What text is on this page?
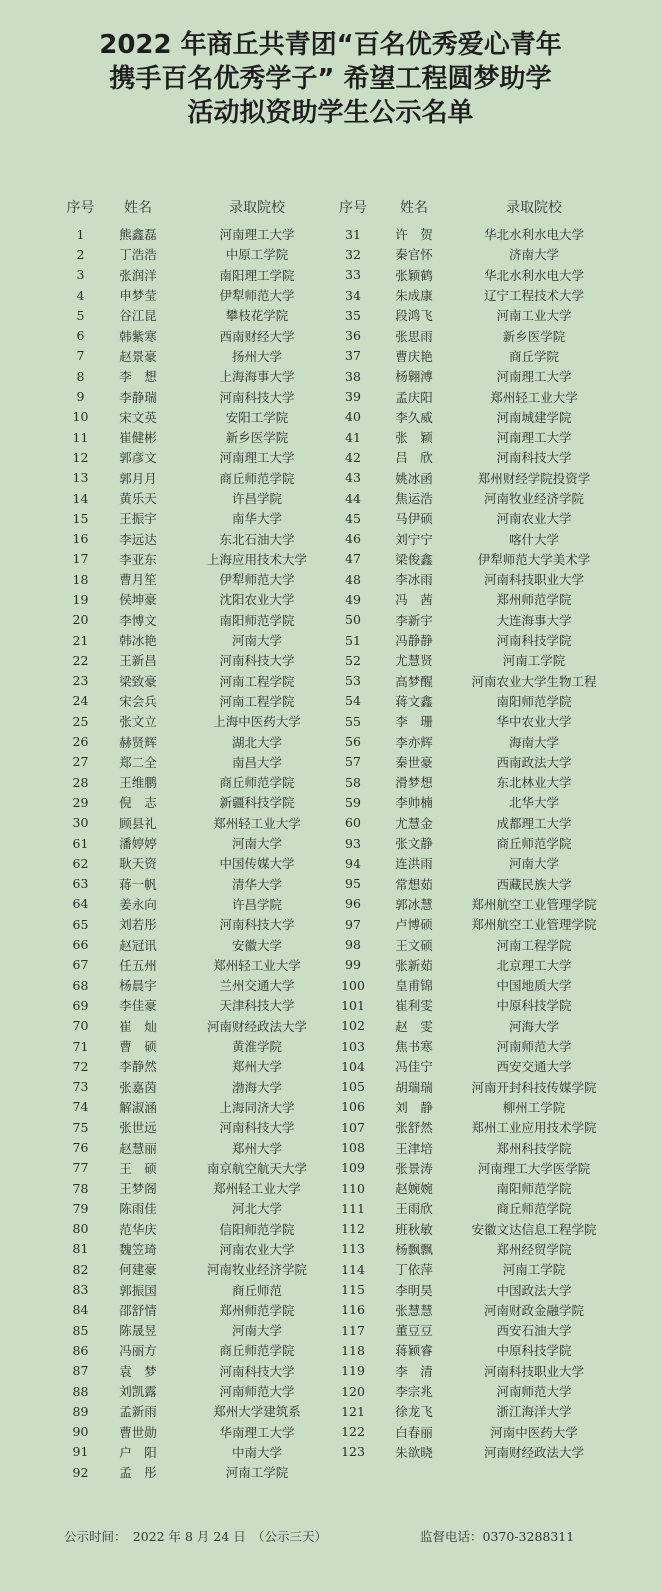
2022 年商丘共青团“百名优秀爱心青年
携手百名优秀学子” 希望工程圆梦助学
活动拟资助学生公示名单
序号	姓名	录取院校
1	熊鑫磊	河南理工大学
2	丁浩浩	中原工学院
3	张润洋	南阳理工学院
4	申梦莹	伊犁师范大学
5	谷江昆	攀枝花学院
6	韩紫寒	西南财经大学
7	赵景豪	扬州大学
8	李　想	上海海事大学
9	李静瑞	河南科技大学
10	宋文英	安阳工学院
11	崔健彬	新乡医学院
12	郭彦文	河南理工大学
13	郭月月	商丘师范学院
14	黄乐天	许昌学院
15	王振宇	南华大学
16	李远达	东北石油大学
17	李亚东	上海应用技术大学
18	曹月笙	伊犁师范大学
19	侯坤豪	沈阳农业大学
20	李博文	南阳师范学院
21	韩冰艳	河南大学
22	王新昌	河南科技大学
23	梁致豪	河南工程学院
24	宋会兵	河南工程学院
25	张文立	上海中医药大学
26	赫贤辉	湖北大学
27	郑二全	南昌大学
28	王维鹏	商丘师范学院
29	倪　志	新疆科技学院
30	顾县礼	郑州轻工业大学
61	潘婷婷	河南大学
62	耿天资	中国传媒大学
63	蒋一帆	清华大学
64	姜永向	许昌学院
65	刘若彤	河南科技大学
66	赵冠讯	安徽大学
67	任五州	郑州轻工业大学
68	杨晨宇	兰州交通大学
69	李佳豪	天津科技大学
70	崔　灿	河南财经政法大学
71	曹　硕	黄淮学院
72	李静然	郑州大学
73	张嘉茵	渤海大学
74	解淑涵	上海同济大学
75	张世远	河南科技大学
76	赵慧丽	郑州大学
77	王　硕	南京航空航天大学
78	王梦阁	郑州轻工业大学
79	陈雨佳	河北大学
80	范华庆	信阳师范学院
81	魏笠琦	河南农业大学
82	何建豪	河南牧业经济学院
83	郭振国	商丘师范
84	邵舒情	郑州师范学院
85	陈晟昱	河南大学
86	冯丽方	商丘师范学院
87	袁　梦	河南科技大学
88	刘凯露	河南师范大学
89	孟新雨	郑州大学建筑系
90	曹世勋	华南理工大学
91	户　阳	中南大学
92	孟　彤	河南工学院
序号	姓名	录取院校
31	许　贺	华北水利水电大学
32	秦官怀	济南大学
33	张颖鹤	华北水利水电大学
34	朱成康	辽宁工程技术大学
35	段鸿飞	河南工业大学
36	张思雨	新乡医学院
37	曹庆艳	商丘学院
38	杨翱溥	河南理工大学
39	孟庆阳	郑州轻工业大学
40	李久威	河南城建学院
41	张　颖	河南理工大学
42	吕　欣	河南科技大学
43	姚冰函	郑州财经学院投资学
44	焦运浩	河南牧业经济学院
45	马伊硕	河南农业大学
46	刘宁宁	喀什大学
47	梁俊鑫	伊犁师范大学美术学
48	李冰雨	河南科技职业大学
49	冯　茜	郑州师范学院
50	李新宇	大连海事大学
51	冯静静	河南科技学院
52	尤慧贤	河南工学院
53	高梦醒	河南农业大学生物工程
54	蒋文鑫	南阳师范学院
55	李　珊	华中农业大学
56	李亦辉	海南大学
57	秦世豪	西南政法大学
58	滑梦想	东北林业大学
59	李帅楠	北华大学
60	尤慧金	成都理工大学
93	张文静	商丘师范学院
94	连洪雨	河南大学
95	常想茹	西藏民族大学
96	郭冰慧	郑州航空工业管理学院
97	卢博硕	郑州航空工业管理学院
98	王文硕	河南工程学院
99	张新茹	北京理工大学
100	皇甫锦	中国地质大学
101	崔利雯	中原科技学院
102	赵　雯	河海大学
103	焦书寒	河南师范大学
104	冯佳宁	西安交通大学
105	胡瑞瑞	河南开封科技传媒学院
106	刘　静	柳州工学院
107	张舒然	郑州工业应用技术学院
108	王津培	郑州科技学院
109	张景涛	河南理工大学医学院
110	赵婉婉	南阳师范学院
111	王雨欣	商丘师范学院
112	班秋敏	安徽文达信息工程学院
113	杨飘飘	郑州经贸学院
114	丁依萍	河南工学院
115	李明昊	中国政法大学
116	张慧慧	河南财政金融学院
117	董豆豆	西安石油大学
118	蒋颖睿	中原科技学院
119	李　清	河南科技职业大学
120	李宗兆	河南师范大学
121	徐龙飞	浙江海洋大学
122	白春丽	河南中医药大学
123	朱欲晓	河南财经政法大学
公示时间：　2022 年 8 月 24 日　（公示三天）	监督电话：0370-3288311
